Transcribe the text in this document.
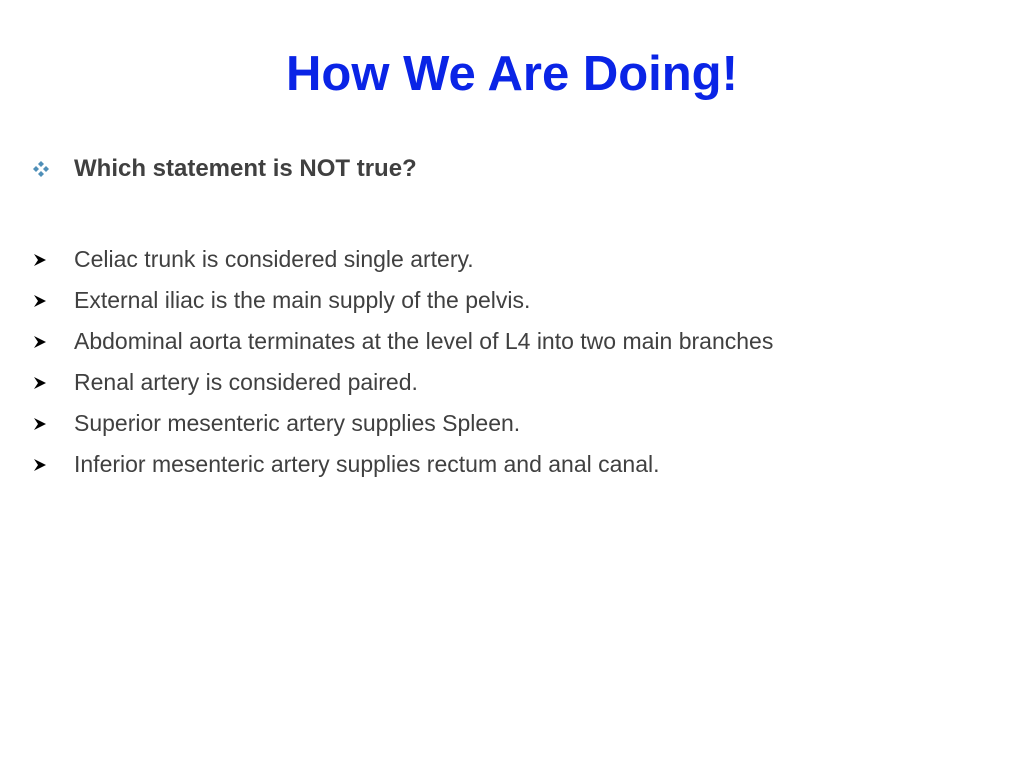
How We Are Doing!
Which statement is NOT true?
Celiac trunk is considered single artery.
External iliac is the main supply of the pelvis.
Abdominal aorta terminates at the level of L4 into two main branches
Renal artery is considered paired.
Superior mesenteric artery supplies Spleen.
Inferior mesenteric artery supplies rectum and anal canal.
